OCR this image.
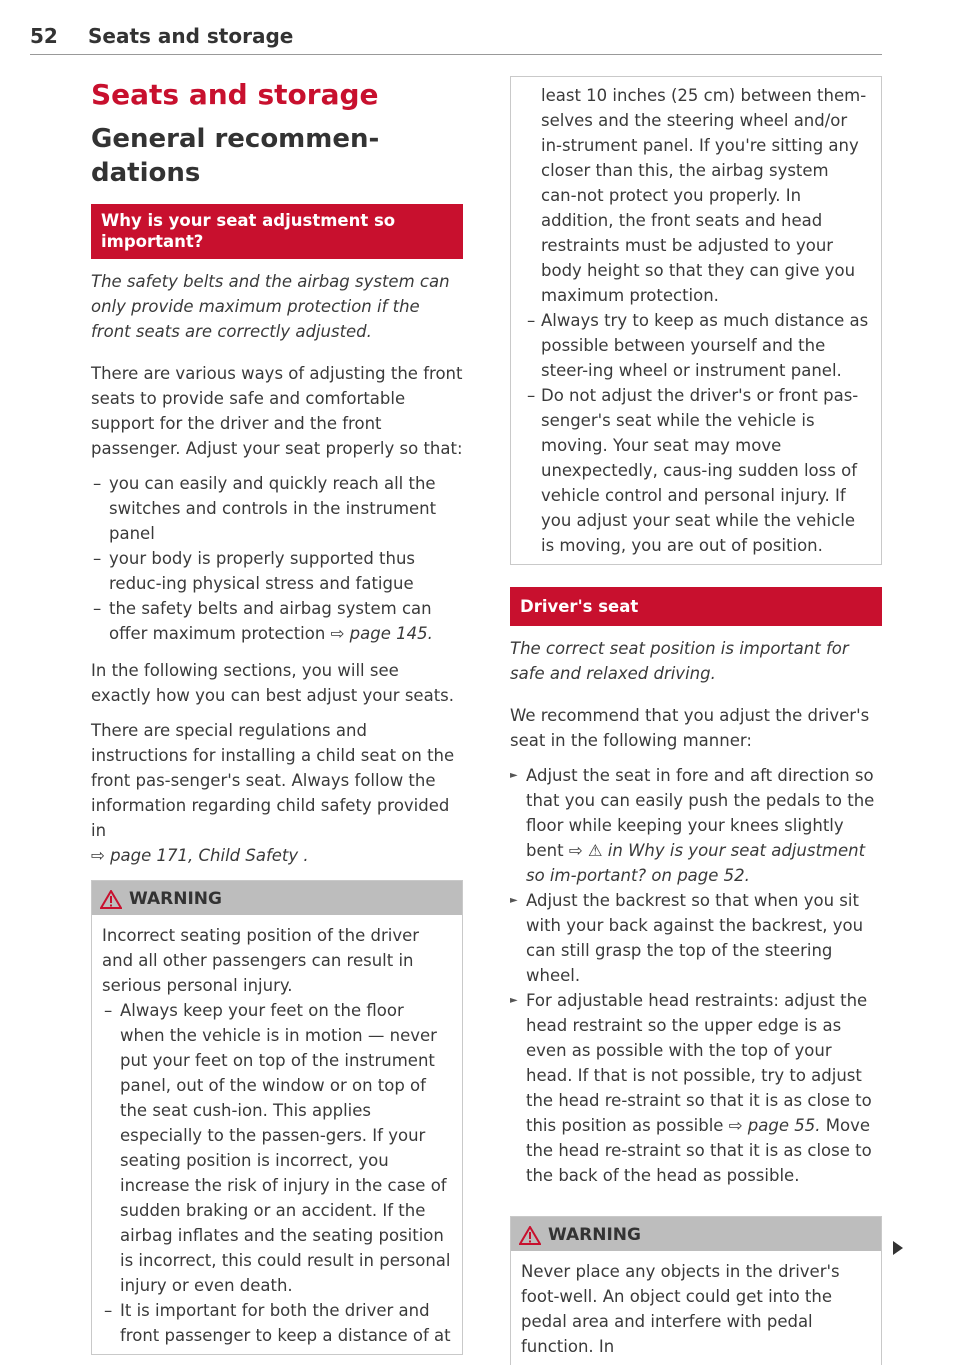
52 Seats and storage
Seats and storage
General recommen-
dations
Why is your seat adjustment so important?

The safety belts and the airbag system can only provide maximum protection if the front seats are correctly adjusted.

There are various ways of adjusting the front seats to provide safe and comfortable support for the driver and the front passenger. Adjust your seat properly so that:

– you can easily and quickly reach all the switches and controls in the instrument panel
– your body is properly supported thus reduc-ing physical stress and fatigue
– the safety belts and airbag system can offer maximum protection ⇨ page 145.

In the following sections, you will see exactly how you can best adjust your seats.

There are special regulations and instructions for installing a child seat on the front pas-senger's seat. Always follow the information regarding child safety provided in
⇨ page 171, Child Safety .

WARNING

Incorrect seating position of the driver and all other passengers can result in serious personal injury.

– Always keep your feet on the floor when the vehicle is in motion — never put your feet on top of the instrument panel, out of the window or on top of the seat cush-ion. This applies especially to the passen-gers. If your seating position is incorrect, you increase the risk of injury in the case of sudden braking or an accident. If the airbag inflates and the seating position is incorrect, this could result in personal injury or even death.
– It is important for both the driver and front passenger to keep a distance of at

least 10 inches (25 cm) between them-selves and the steering wheel and/or in-strument panel. If you're sitting any closer than this, the airbag system can-not protect you properly. In addition, the front seats and head restraints must be adjusted to your body height so that they can give you maximum protection.

– Always try to keep as much distance as possible between yourself and the steer-ing wheel or instrument panel.
– Do not adjust the driver's or front pas-senger's seat while the vehicle is moving. Your seat may move unexpectedly, caus-ing sudden loss of vehicle control and personal injury. If you adjust your seat while the vehicle is moving, you are out of position.
Driver's seat

The correct seat position is important for safe and relaxed driving.

We recommend that you adjust the driver's seat in the following manner:

► Adjust the seat in fore and aft direction so that you can easily push the pedals to the floor while keeping your knees slightly bent ⇨ ⚠ in Why is your seat adjustment so im-portant? on page 52.
► Adjust the backrest so that when you sit with your back against the backrest, you can still grasp the top of the steering wheel.
► For adjustable head restraints: adjust the head restraint so the upper edge is as even as possible with the top of your head. If that is not possible, try to adjust the head re-straint so that it is as close to this position as possible ⇨ page 55. Move the head re-straint so that it is as close to the back of the head as possible.
WARNING

Never place any objects in the driver's foot-well. An object could get into the pedal area and interfere with pedal function. In
